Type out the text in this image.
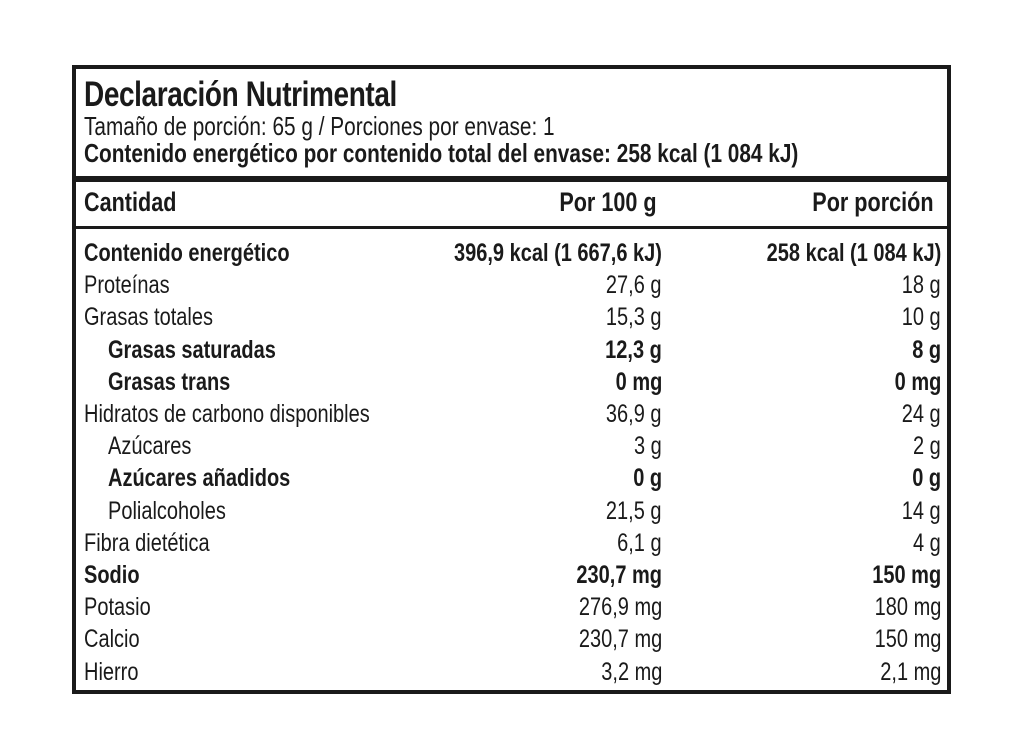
Declaración Nutrimental
Tamaño de porción: 65 g / Porciones por envase: 1
Contenido energético por contenido total del envase: 258 kcal (1 084 kJ)
Cantidad	Por 100 g	Por porción
Contenido energético	396,9 kcal (1 667,6 kJ)	258 kcal (1 084 kJ)
Proteínas	27,6 g	18 g
Grasas totales	15,3 g	10 g
Grasas saturadas	12,3 g	8 g
Grasas trans	0 mg	0 mg
Hidratos de carbono disponibles	36,9 g	24 g
Azúcares	3 g	2 g
Azúcares añadidos	0 g	0 g
Polialcoholes	21,5 g	14 g
Fibra dietética	6,1 g	4 g
Sodio	230,7 mg	150 mg
Potasio	276,9 mg	180 mg
Calcio	230,7 mg	150 mg
Hierro	3,2 mg	2,1 mg
